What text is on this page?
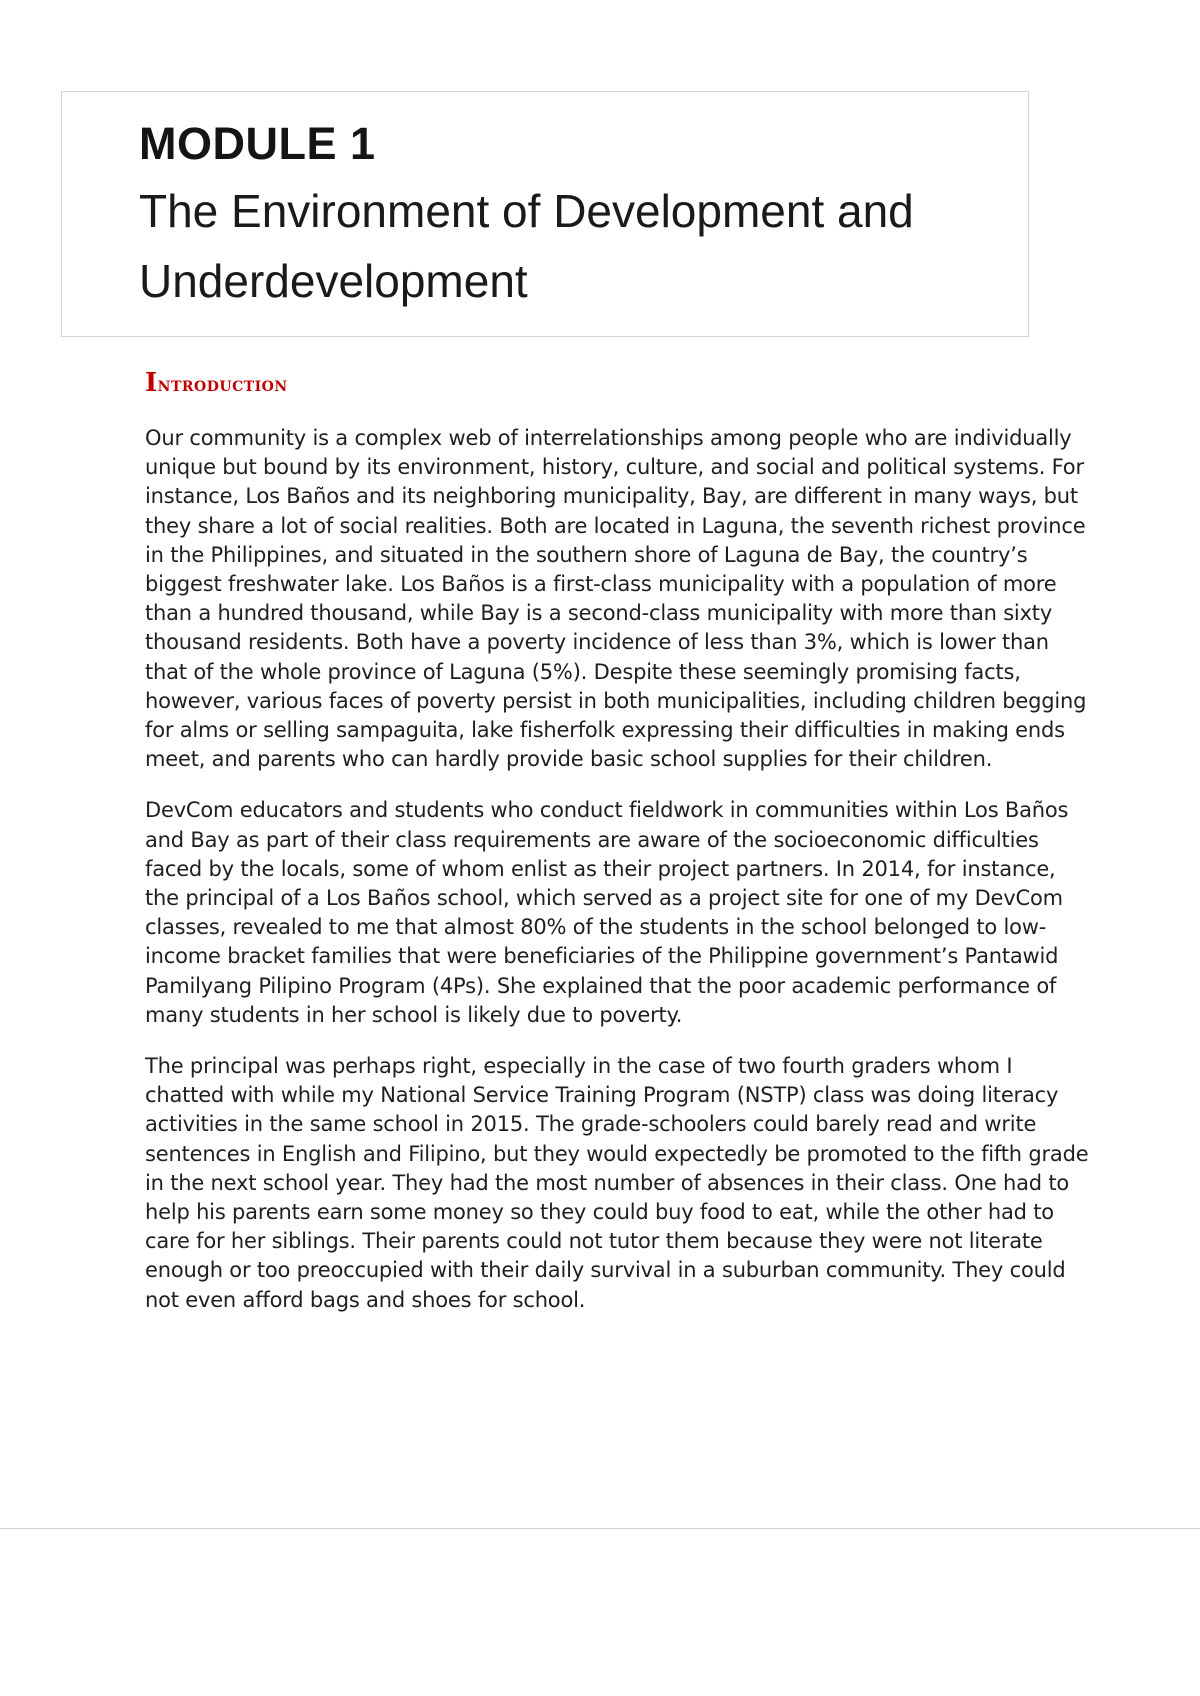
MODULE 1

The Environment of Development and Underdevelopment

Introduction

Our community is a complex web of interrelationships among people who are individually unique but bound by its environment, history, culture, and social and political systems. For instance, Los Baños and its neighboring municipality, Bay, are different in many ways, but they share a lot of social realities. Both are located in Laguna, the seventh richest province in the Philippines, and situated in the southern shore of Laguna de Bay, the country’s biggest freshwater lake. Los Baños is a first-class municipality with a population of more than a hundred thousand, while Bay is a second-class municipality with more than sixty thousand residents. Both have a poverty incidence of less than 3%, which is lower than that of the whole province of Laguna (5%). Despite these seemingly promising facts, however, various faces of poverty persist in both municipalities, including children begging for alms or selling sampaguita, lake fisherfolk expressing their difficulties in making ends meet, and parents who can hardly provide basic school supplies for their children.

DevCom educators and students who conduct fieldwork in communities within Los Baños and Bay as part of their class requirements are aware of the socioeconomic difficulties faced by the locals, some of whom enlist as their project partners. In 2014, for instance, the principal of a Los Baños school, which served as a project site for one of my DevCom classes, revealed to me that almost 80% of the students in the school belonged to low-income bracket families that were beneficiaries of the Philippine government’s Pantawid Pamilyang Pilipino Program (4Ps). She explained that the poor academic performance of many students in her school is likely due to poverty.

The principal was perhaps right, especially in the case of two fourth graders whom I chatted with while my National Service Training Program (NSTP) class was doing literacy activities in the same school in 2015. The grade-schoolers could barely read and write sentences in English and Filipino, but they would expectedly be promoted to the fifth grade in the next school year. They had the most number of absences in their class. One had to help his parents earn some money so they could buy food to eat, while the other had to care for her siblings. Their parents could not tutor them because they were not literate enough or too preoccupied with their daily survival in a suburban community. They could not even afford bags and shoes for school.
